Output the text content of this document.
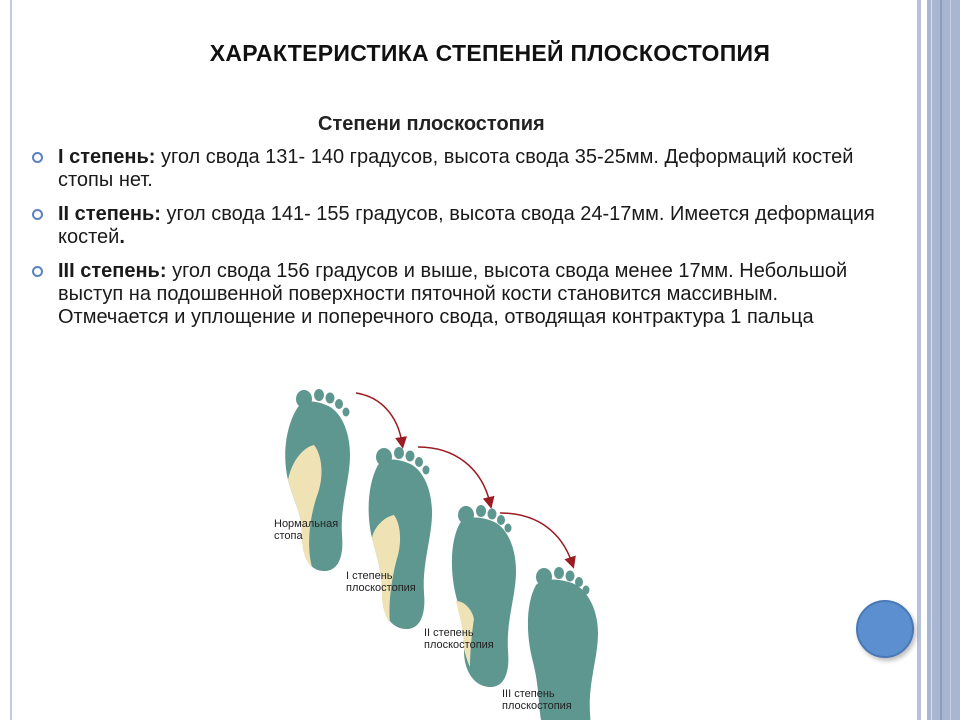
ХАРАКТЕРИСТИКА СТЕПЕНЕЙ ПЛОСКОСТОПИЯ
Степени плоскостопия
I степень: угол свода 131- 140 градусов, высота свода 35-25мм. Деформаций костей стопы нет.
II степень: угол свода 141- 155 градусов, высота свода 24-17мм. Имеется деформация костей.
III степень: угол свода 156 градусов и выше, высота свода менее 17мм. Небольшой выступ на подошвенной поверхности пяточной кости становится массивным. Отмечается и уплощение и поперечного свода, отводящая контрактура 1 пальца
Нормальная
стопа
I степень
плоскостопия
II степень
плоскостопия
III степень
плоскостопия
